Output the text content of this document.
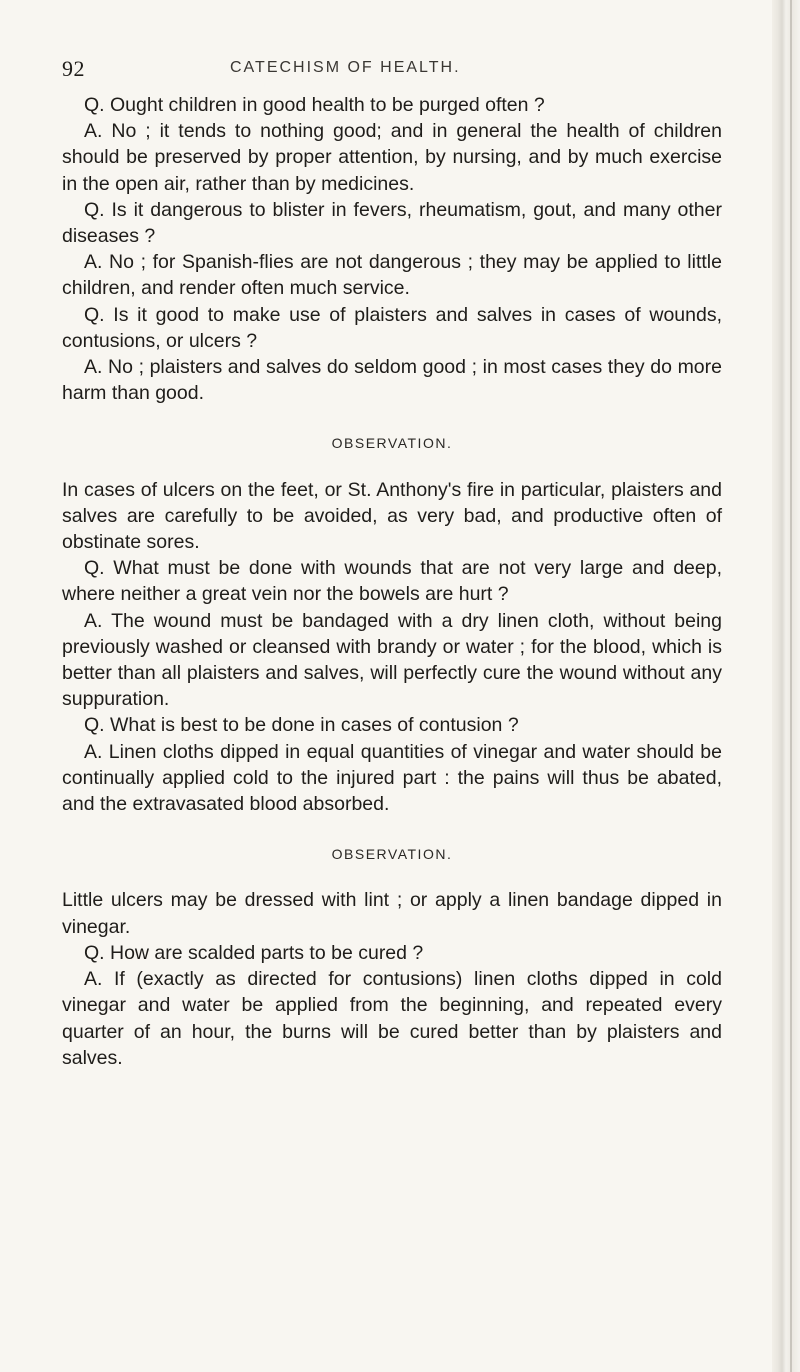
92	CATECHISM OF HEALTH.

Q. Ought children in good health to be purged often ?

A. No ; it tends to nothing good; and in general the health of children should be preserved by proper attention, by nursing, and by much exercise in the open air, rather than by medicines.

Q. Is it dangerous to blister in fevers, rheumatism, gout, and many other diseases ?

A. No ; for Spanish-flies are not dangerous ; they may be applied to little children, and render often much service.

Q. Is it good to make use of plaisters and salves in cases of wounds, contusions, or ulcers ?

A. No ; plaisters and salves do seldom good ; in most cases they do more harm than good.

OBSERVATION.

In cases of ulcers on the feet, or St. Anthony's fire in particular, plaisters and salves are carefully to be avoided, as very bad, and productive often of obstinate sores.

Q. What must be done with wounds that are not very large and deep, where neither a great vein nor the bowels are hurt ?

A. The wound must be bandaged with a dry linen cloth, without being previously washed or cleansed with brandy or water ; for the blood, which is better than all plaisters and salves, will perfectly cure the wound without any suppuration.

Q. What is best to be done in cases of contusion ?

A. Linen cloths dipped in equal quantities of vinegar and water should be continually applied cold to the injured part : the pains will thus be abated, and the extravasated blood absorbed.

OBSERVATION.

Little ulcers may be dressed with lint ; or apply a linen bandage dipped in vinegar.

Q. How are scalded parts to be cured ?

A. If (exactly as directed for contusions) linen cloths dipped in cold vinegar and water be applied from the beginning, and repeated every quarter of an hour, the burns will be cured better than by plaisters and salves.
